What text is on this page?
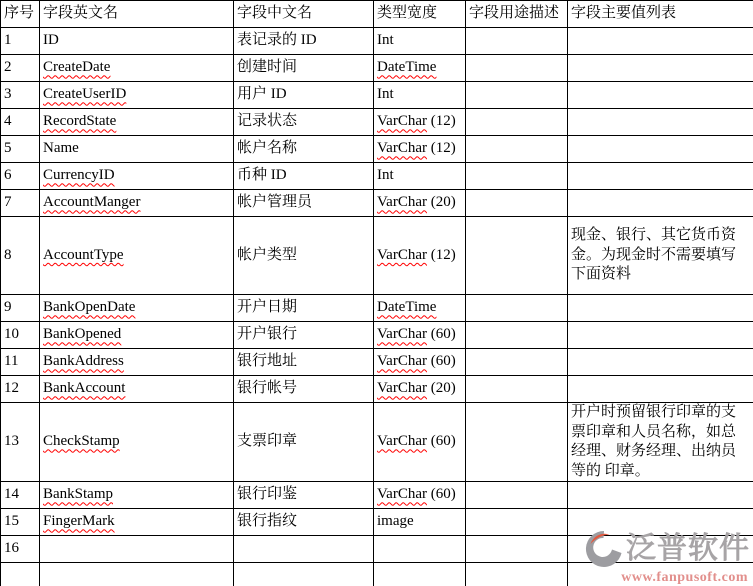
序号	字段英文名	字段中文名	类型宽度	字段用途描述	字段主要值列表
1	ID	表记录的 ID	Int		
2	CreateDate	创建时间	DateTime		
3	CreateUserID	用户 ID	Int		
4	RecordState	记录状态	VarChar (12)		
5	Name	帐户名称	VarChar (12)		
6	CurrencyID	币种 ID	Int		
7	AccountManger	帐户管理员	VarChar (20)		
8	AccountType	帐户类型	VarChar (12)		现金、银行、其它货币资金。为现金时不需要填写下面资料
9	BankOpenDate	开户日期	DateTime		
10	BankOpened	开户银行	VarChar (60)		
11	BankAddress	银行地址	VarChar (60)		
12	BankAccount	银行帐号	VarChar (20)		
13	CheckStamp	支票印章	VarChar (60)		开户时预留银行印章的支票印章和人员名称，如总经理、财务经理、出纳员等的 印章。
14	BankStamp	银行印鉴	VarChar (60)		
15	FingerMark	银行指纹	image		
16					
						泛普软件
www.fanpusoft.com
